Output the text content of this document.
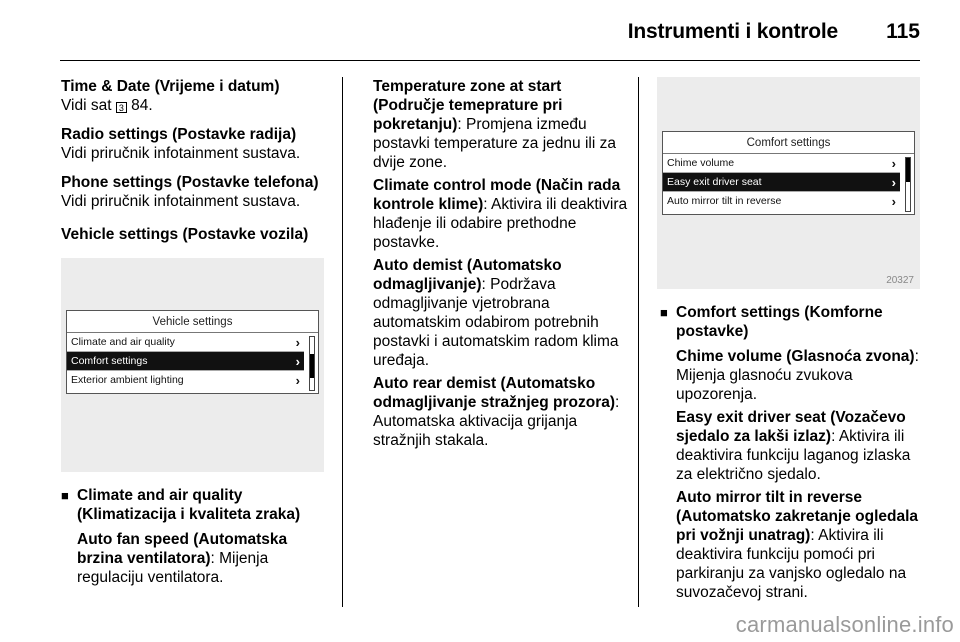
Instrumenti i kontrole 115
Time & Date (Vrijeme i datum)
Vidi sat 3 84.
Radio settings (Postavke radija)
Vidi priručnik infotainment sustava.
Phone settings (Postavke telefona)
Vidi priručnik infotainment sustava.
Vehicle settings (Postavke vozila)
Vehicle settings
Climate and air quality	›
Comfort settings	›
Exterior ambient lighting	›
■ Climate and air quality (Klimatizacija i kvaliteta zraka)
Auto fan speed (Automatska brzina ventilatora): Mijenja regulaciju ventilatora.
Temperature zone at start (Područje temeprature pri pokretanju): Promjena između postavki temperature za jednu ili za dvije zone.
Climate control mode (Način rada kontrole klime): Aktivira ili deaktivira hlađenje ili odabire prethodne postavke.
Auto demist (Automatsko odmagljivanje): Podržava odmagljivanje vjetrobrana automatskim odabirom potrebnih postavki i automatskim radom klima uređaja.
Auto rear demist (Automatsko odmagljivanje stražnjeg prozora): Automatska aktivacija grijanja stražnjih stakala.
Comfort settings
Chime volume	›
Easy exit driver seat	›
Auto mirror tilt in reverse	›
20327
■ Comfort settings (Komforne postavke)
Chime volume (Glasnoća zvona): Mijenja glasnoću zvukova upozorenja.
Easy exit driver seat (Vozačevo sjedalo za lakši izlaz): Aktivira ili deaktivira funkciju laganog izlaska za električno sjedalo.
Auto mirror tilt in reverse (Automatsko zakretanje ogledala pri vožnji unatrag): Aktivira ili deaktivira funkciju pomoći pri parkiranju za vanjsko ogledalo na suvozačevoj strani.
carmanualsonline.info
